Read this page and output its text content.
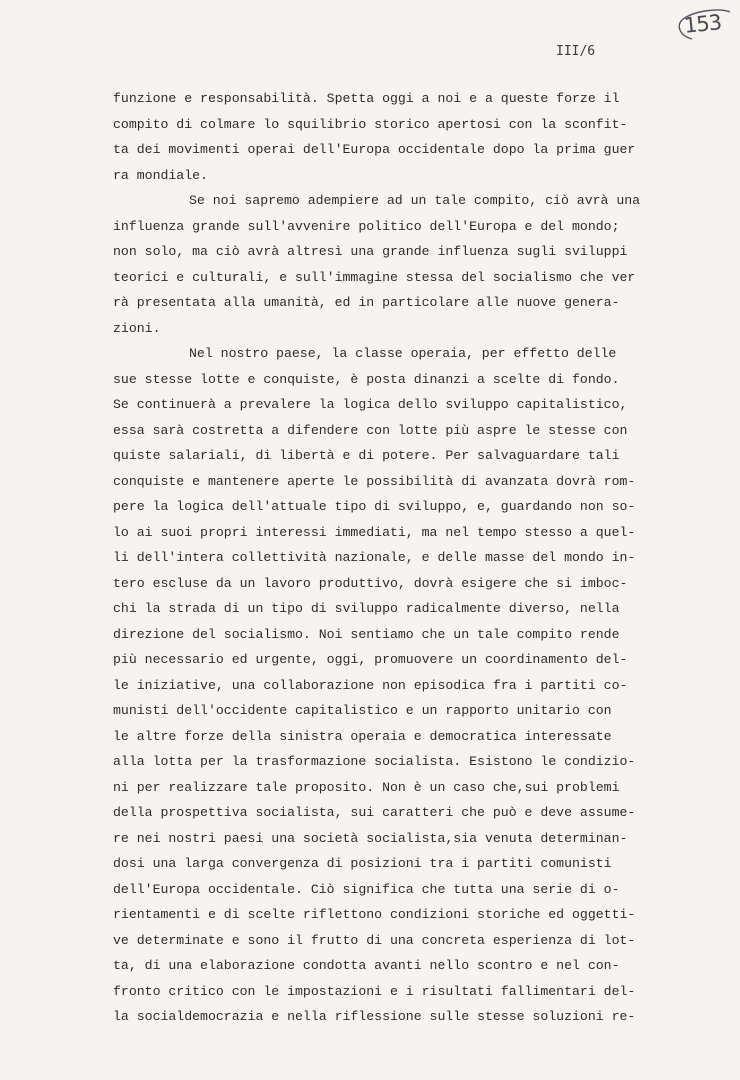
153
III/6
funzione e responsabilità. Spetta oggi a noi e a queste forze il
compito di colmare lo squilibrio storico apertosi con la sconfit-
ta dei movimenti operai dell'Europa occidentale dopo la prima guer
ra mondiale.
Se noi sapremo adempiere ad un tale compito, ciò avrà una
influenza grande sull'avvenire politico dell'Europa e del mondo;
non solo, ma ciò avrà altresì una grande influenza sugli sviluppi
teorici e culturali, e sull'immagine stessa del socialismo che ver
rà presentata alla umanità, ed in particolare alle nuove genera-
zioni.
Nel nostro paese, la classe operaia, per effetto delle
sue stesse lotte e conquiste, è posta dinanzi a scelte di fondo.
Se continuerà a prevalere la logica dello sviluppo capitalistico,
essa sarà costretta a difendere con lotte più aspre le stesse con
quiste salariali, di libertà e di potere. Per salvaguardare tali
conquiste e mantenere aperte le possibilità di avanzata dovrà rom-
pere la logica dell'attuale tipo di sviluppo, e, guardando non so-
lo ai suoi propri interessi immediati, ma nel tempo stesso a quel-
li dell'intera collettività nazionale, e delle masse del mondo in-
tero escluse da un lavoro produttivo, dovrà esigere che si imboc-
chi la strada di un tipo di sviluppo radicalmente diverso, nella
direzione del socialismo. Noi sentiamo che un tale compito rende
più necessario ed urgente, oggi, promuovere un coordinamento del-
le iniziative, una collaborazione non episodica fra i partiti co-
munisti dell'occidente capitalistico e un rapporto unitario con
le altre forze della sinistra operaia e democratica interessate
alla lotta per la trasformazione socialista. Esistono le condizio-
ni per realizzare tale proposito. Non è un caso che,sui problemi
della prospettiva socialista, sui caratteri che può e deve assume-
re nei nostri paesi una società socialista,sia venuta determinan-
dosi una larga convergenza di posizioni tra i partiti comunisti
dell'Europa occidentale. Ciò significa che tutta una serie di o-
rientamenti e di scelte riflettono condizioni storiche ed oggetti-
ve determinate e sono il frutto di una concreta esperienza di lot-
ta, di una elaborazione condotta avanti nello scontro e nel con-
fronto critico con le impostazioni e i risultati fallimentari del-
la socialdemocrazia e nella riflessione sulle stesse soluzioni re-
